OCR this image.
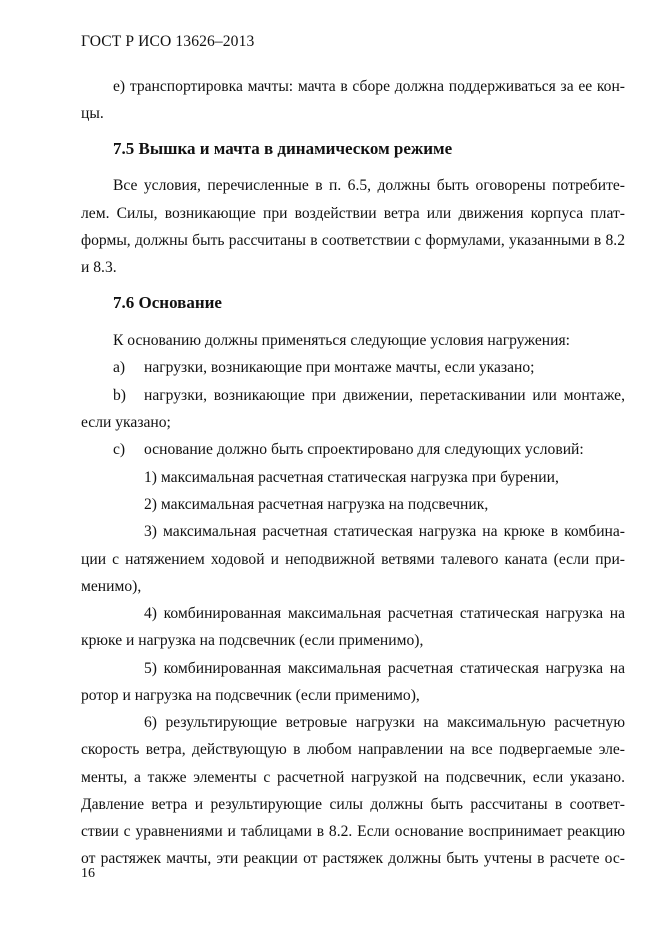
ГОСТ Р ИСО 13626–2013
е) транспортировка мачты: мачта в сборе должна поддерживаться за ее кон-
цы.
7.5 Вышка и мачта в динамическом режиме
Все условия, перечисленные в п. 6.5, должны быть оговорены потребите-
лем. Силы, возникающие при воздействии ветра или движения корпуса плат-
формы, должны быть рассчитаны в соответствии с формулами, указанными в 8.2
и 8.3.
7.6 Основание
К основанию должны применяться следующие условия нагружения:
a) нагрузки, возникающие при монтаже мачты, если указано;
b) нагрузки, возникающие при движении, перетаскивании или монтаже,
если указано;
c) основание должно быть спроектировано для следующих условий:
1) максимальная расчетная статическая нагрузка при бурении,
2) максимальная расчетная нагрузка на подсвечник,
3) максимальная расчетная статическая нагрузка на крюке в комбина-
ции с натяжением ходовой и неподвижной ветвями талевого каната (если при-
менимо),
4) комбинированная максимальная расчетная статическая нагрузка на
крюке и нагрузка на подсвечник (если применимо),
5) комбинированная максимальная расчетная статическая нагрузка на
ротор и нагрузка на подсвечник (если применимо),
6) результирующие ветровые нагрузки на максимальную расчетную
скорость ветра, действующую в любом направлении на все подвергаемые эле-
менты, а также элементы с расчетной нагрузкой на подсвечник, если указано.
Давление ветра и результирующие силы должны быть рассчитаны в соответ-
ствии с уравнениями и таблицами в 8.2. Если основание воспринимает реакцию
от растяжек мачты, эти реакции от растяжек должны быть учтены в расчете ос-
16
